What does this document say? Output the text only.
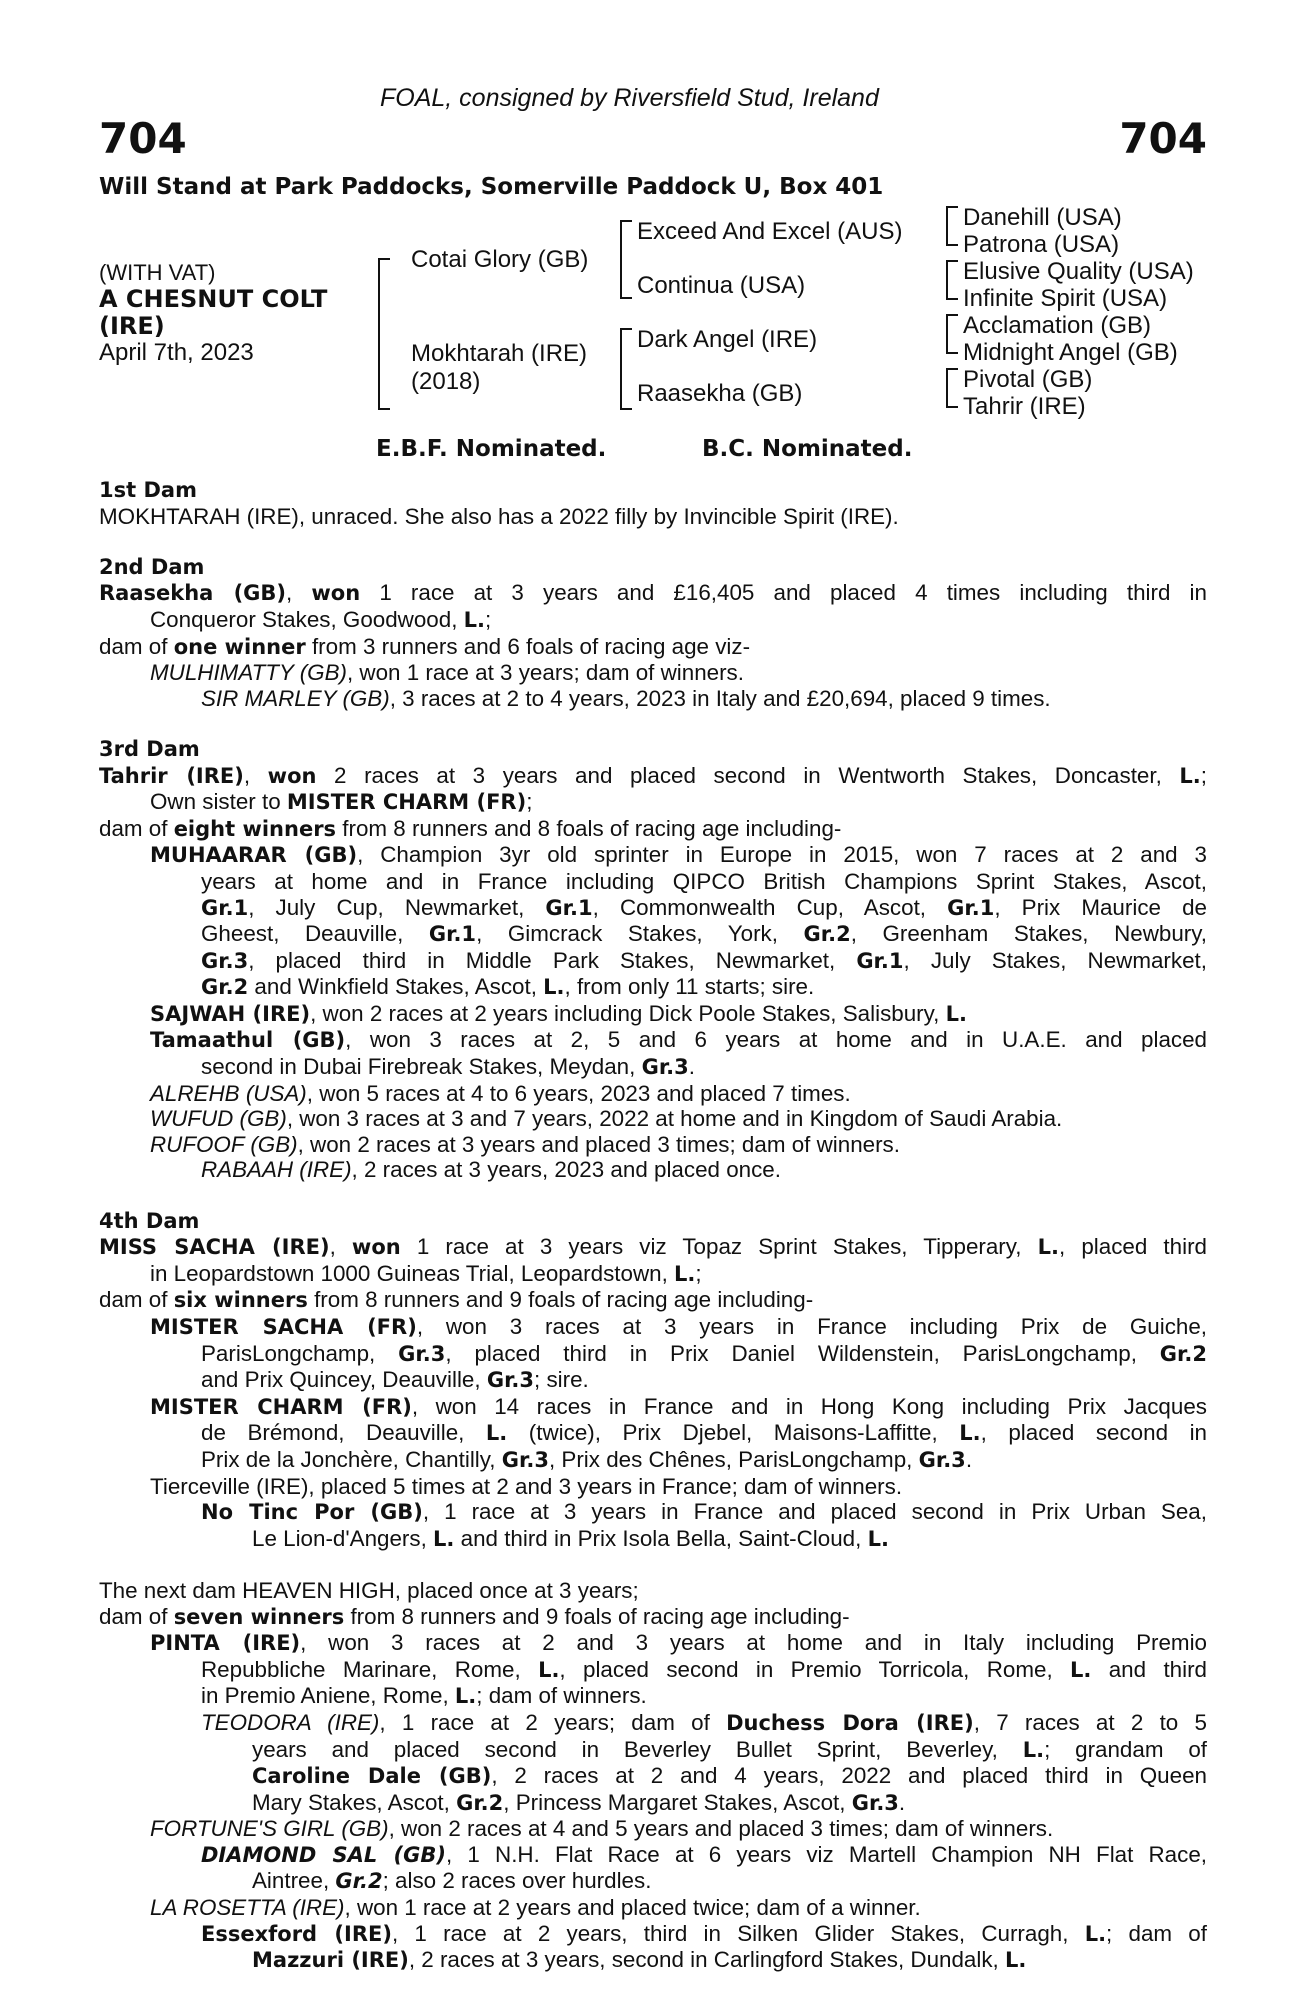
FOAL, consigned by Riversfield Stud, Ireland
704	704
Will Stand at Park Paddocks, Somerville Paddock U, Box 401
(WITH VAT)
A CHESNUT COLT
(IRE)
April 7th, 2023
Cotai Glory (GB)
Mokhtarah (IRE)
(2018)
Exceed And Excel (AUS)
Continua (USA)
Dark Angel (IRE)
Raasekha (GB)
Danehill (USA)
Patrona (USA)
Elusive Quality (USA)
Infinite Spirit (USA)
Acclamation (GB)
Midnight Angel (GB)
Pivotal (GB)
Tahrir (IRE)
E.B.F. Nominated.	B.C. Nominated.
1st Dam
MOKHTARAH (IRE), unraced. She also has a 2022 filly by Invincible Spirit (IRE).
2nd Dam
Raasekha (GB), won 1 race at 3 years and £16,405 and placed 4 times including third in
Conqueror Stakes, Goodwood, L.;
dam of one winner from 3 runners and 6 foals of racing age viz-
MULHIMATTY (GB), won 1 race at 3 years; dam of winners.
SIR MARLEY (GB), 3 races at 2 to 4 years, 2023 in Italy and £20,694, placed 9 times.
3rd Dam
Tahrir (IRE), won 2 races at 3 years and placed second in Wentworth Stakes, Doncaster, L.;
Own sister to MISTER CHARM (FR);
dam of eight winners from 8 runners and 8 foals of racing age including-
MUHAARAR (GB), Champion 3yr old sprinter in Europe in 2015, won 7 races at 2 and 3
years at home and in France including QIPCO British Champions Sprint Stakes, Ascot,
Gr.1, July Cup, Newmarket, Gr.1, Commonwealth Cup, Ascot, Gr.1, Prix Maurice de
Gheest, Deauville, Gr.1, Gimcrack Stakes, York, Gr.2, Greenham Stakes, Newbury,
Gr.3, placed third in Middle Park Stakes, Newmarket, Gr.1, July Stakes, Newmarket,
Gr.2 and Winkfield Stakes, Ascot, L., from only 11 starts; sire.
SAJWAH (IRE), won 2 races at 2 years including Dick Poole Stakes, Salisbury, L.
Tamaathul (GB), won 3 races at 2, 5 and 6 years at home and in U.A.E. and placed
second in Dubai Firebreak Stakes, Meydan, Gr.3.
ALREHB (USA), won 5 races at 4 to 6 years, 2023 and placed 7 times.
WUFUD (GB), won 3 races at 3 and 7 years, 2022 at home and in Kingdom of Saudi Arabia.
RUFOOF (GB), won 2 races at 3 years and placed 3 times; dam of winners.
RABAAH (IRE), 2 races at 3 years, 2023 and placed once.
4th Dam
MISS SACHA (IRE), won 1 race at 3 years viz Topaz Sprint Stakes, Tipperary, L., placed third
in Leopardstown 1000 Guineas Trial, Leopardstown, L.;
dam of six winners from 8 runners and 9 foals of racing age including-
MISTER SACHA (FR), won 3 races at 3 years in France including Prix de Guiche,
ParisLongchamp, Gr.3, placed third in Prix Daniel Wildenstein, ParisLongchamp, Gr.2
and Prix Quincey, Deauville, Gr.3; sire.
MISTER CHARM (FR), won 14 races in France and in Hong Kong including Prix Jacques
de Brémond, Deauville, L. (twice), Prix Djebel, Maisons-Laffitte, L., placed second in
Prix de la Jonchère, Chantilly, Gr.3, Prix des Chênes, ParisLongchamp, Gr.3.
Tierceville (IRE), placed 5 times at 2 and 3 years in France; dam of winners.
No Tinc Por (GB), 1 race at 3 years in France and placed second in Prix Urban Sea,
Le Lion-d'Angers, L. and third in Prix Isola Bella, Saint-Cloud, L.
The next dam HEAVEN HIGH, placed once at 3 years;
dam of seven winners from 8 runners and 9 foals of racing age including-
PINTA (IRE), won 3 races at 2 and 3 years at home and in Italy including Premio
Repubbliche Marinare, Rome, L., placed second in Premio Torricola, Rome, L. and third
in Premio Aniene, Rome, L.; dam of winners.
TEODORA (IRE), 1 race at 2 years; dam of Duchess Dora (IRE), 7 races at 2 to 5
years and placed second in Beverley Bullet Sprint, Beverley, L.; grandam of
Caroline Dale (GB), 2 races at 2 and 4 years, 2022 and placed third in Queen
Mary Stakes, Ascot, Gr.2, Princess Margaret Stakes, Ascot, Gr.3.
FORTUNE'S GIRL (GB), won 2 races at 4 and 5 years and placed 3 times; dam of winners.
DIAMOND SAL (GB), 1 N.H. Flat Race at 6 years viz Martell Champion NH Flat Race,
Aintree, Gr.2; also 2 races over hurdles.
LA ROSETTA (IRE), won 1 race at 2 years and placed twice; dam of a winner.
Essexford (IRE), 1 race at 2 years, third in Silken Glider Stakes, Curragh, L.; dam of
Mazzuri (IRE), 2 races at 3 years, second in Carlingford Stakes, Dundalk, L.
